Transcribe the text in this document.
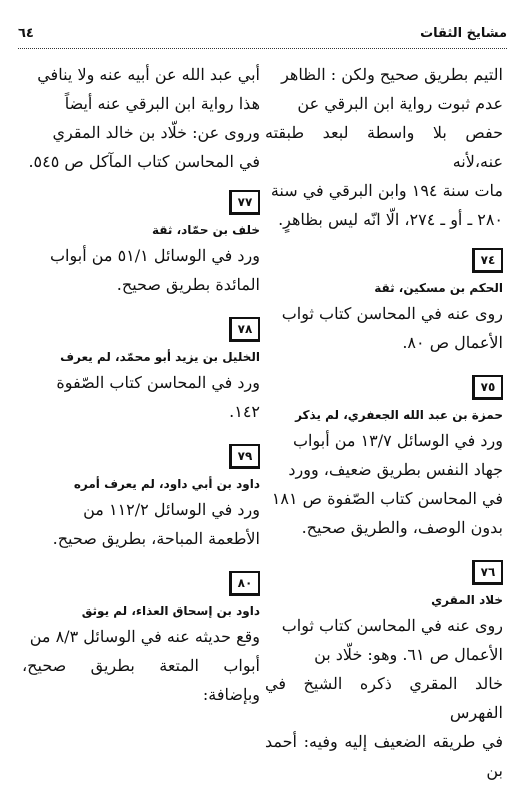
مشايخ الثقات
٦٤

التيم بطريق صحيح ولكن : الظاهر

عدم ثبوت رواية ابن البرقي عن

حفص بلا واسطة لبعد طبقته عنه،لأنه

مات سنة ١٩٤ وابن البرقي في سنة

٢٨٠ ـ أو ـ ٢٧٤، الّا انّه ليس بظاهرٍ.

٧٤
الحكم بن مسكين، ثقة

روى عنه في المحاسن كتاب ثواب

الأعمال ص ٨٠.

٧٥
حمزة بن عبد الله الجعفري، لم يذكر

ورد في الوسائل ١٣/٧ من أبواب

جهاد النفس بطريق ضعيف، وورد

في المحاسن كتاب الصّفوة ص ١٨١

بدون الوصف، والطريق صحيح.

٧٦
خلاد المقري

روى عنه في المحاسن كتاب ثواب

الأعمال ص ٦١. وهو: خلّاد بن

خالد المقري ذكره الشيخ في الفهرس

في طريقه الضعيف إليه وفيه: أحمد بن

أبي عبد الله عن أبيه عنه ولا ينافي

هذا رواية ابن البرقي عنه أيضاً

وروى عن: خلّاد بن خالد المقري

في المحاسن كتاب المآكل ص ٥٤٥.

٧٧
خلف بن حمّاد، ثقة

ورد في الوسائل ٥١/١ من أبواب

المائدة بطريق صحيح.

٧٨
الخليل بن يزيد أبو محمّد، لم يعرف

ورد في المحاسن كتاب الصّفوة

١٤٢.

٧٩
داود بن أبي داود، لم يعرف أمره

ورد في الوسائل ١١٢/٢ من

الأطعمة المباحة، بطريق صحيح.

٨٠
داود بن إسحاق العذاء، لم يوثق

وقع حديثه عنه في الوسائل ٨/٣ من

أبواب المتعة بطريق صحيح، وبإضافة:
